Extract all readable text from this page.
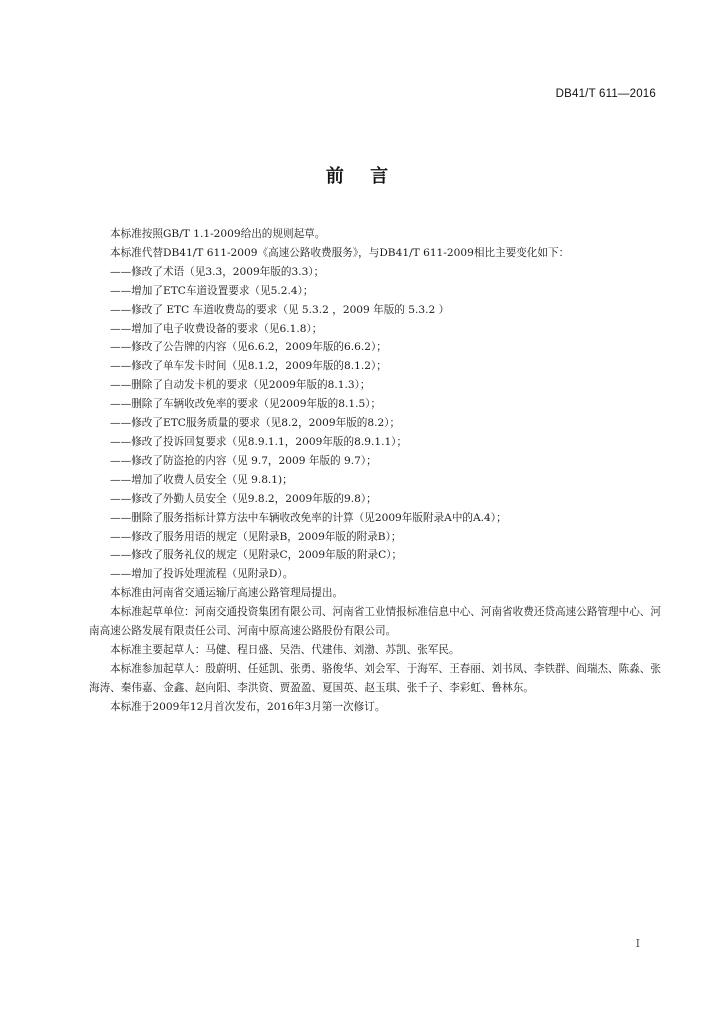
DB41/T 611—2016
前 言

本标准按照GB/T 1.1-2009给出的规则起草。

本标准代替DB41/T 611-2009《高速公路收费服务》，与DB41/T 611-2009相比主要变化如下：

——修改了术语（见3.3，2009年版的3.3）；

——增加了ETC车道设置要求（见5.2.4）；

——修改了 ETC 车道收费岛的要求（见 5.3.2 ，2009 年版的 5.3.2 ）

——增加了电子收费设备的要求（见6.1.8）；

——修改了公告牌的内容（见6.6.2，2009年版的6.6.2）；

——修改了单车发卡时间（见8.1.2，2009年版的8.1.2）；

——删除了自动发卡机的要求（见2009年版的8.1.3）；

——删除了车辆收改免率的要求（见2009年版的8.1.5）；

——修改了ETC服务质量的要求（见8.2，2009年版的8.2）；

——修改了投诉回复要求（见8.9.1.1，2009年版的8.9.1.1）；

——修改了防盗抢的内容（见 9.7，2009 年版的 9.7）；

——增加了收费人员安全（见 9.8.1)；

——修改了外勤人员安全（见9.8.2，2009年版的9.8）；

——删除了服务指标计算方法中车辆收改免率的计算（见2009年版附录A中的A.4）；

——修改了服务用语的规定（见附录B，2009年版的附录B）；

——修改了服务礼仪的规定（见附录C，2009年版的附录C）；

——增加了投诉处理流程（见附录D）。

本标准由河南省交通运输厅高速公路管理局提出。

本标准起草单位：河南交通投资集团有限公司、河南省工业情报标准信息中心、河南省收费还贷高速公路管理中心、河南高速公路发展有限责任公司、河南中原高速公路股份有限公司。

本标准主要起草人：马健、程日盛、吴浩、代建伟、刘渤、苏凯、张军民。

本标准参加起草人：殷蔚明、任延凯、张勇、骆俊华、刘会军、于海军、王春丽、刘书凤、李铁群、阎瑞杰、陈淼、张海涛、秦伟嘉、金鑫、赵向阳、李洪资、贾盈盈、夏国英、赵玉琪、张千子、李彩虹、鲁林东。

本标准于2009年12月首次发布，2016年3月第一次修订。

I
